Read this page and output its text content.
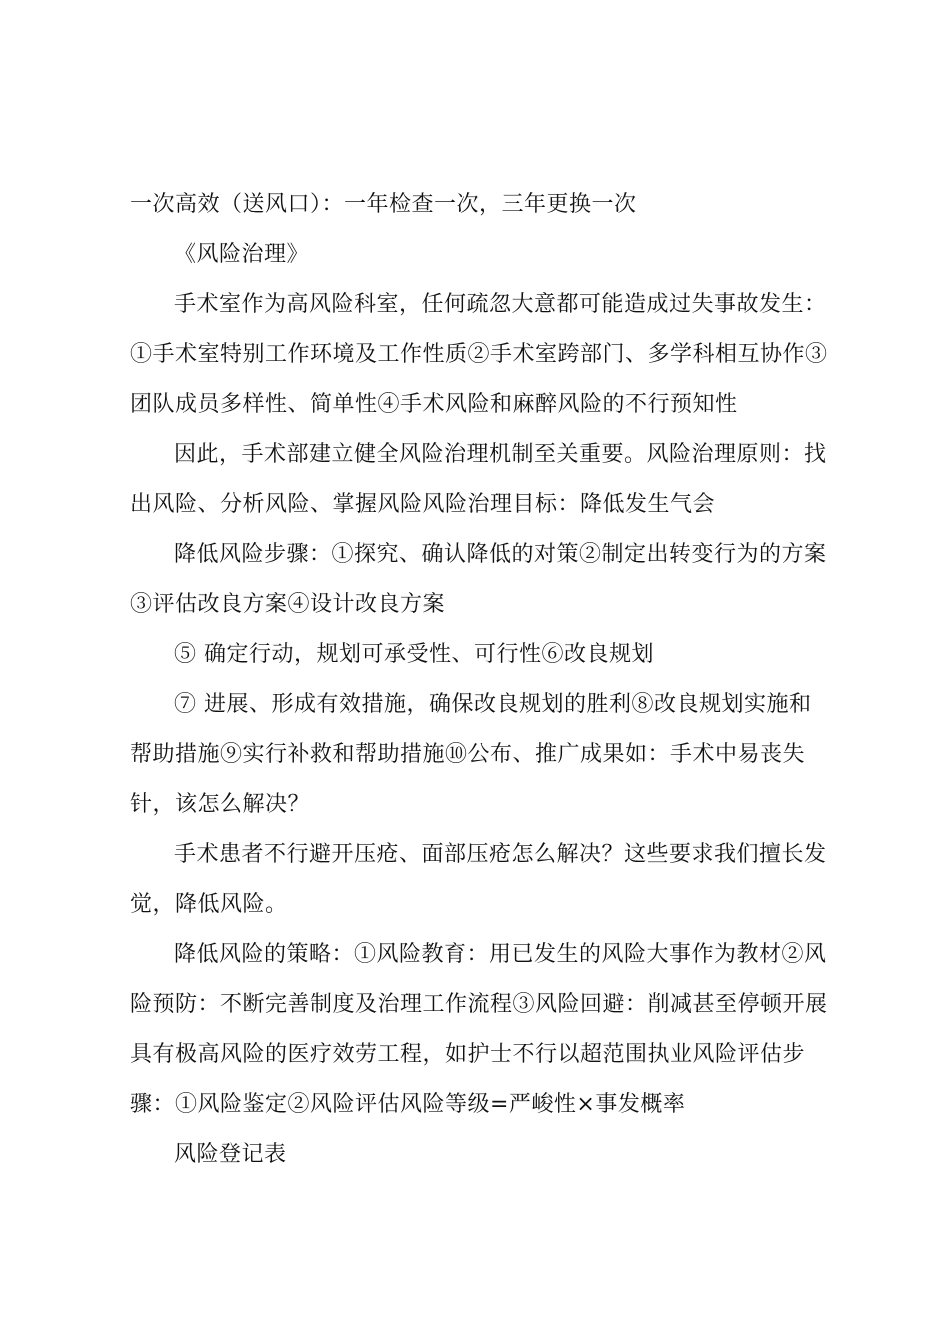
一次高效（送风口）：一年检查一次，三年更换一次

《风险治理》

手术室作为高风险科室，任何疏忽大意都可能造成过失事故发生：①手术室特别工作环境及工作性质②手术室跨部门、多学科相互协作③团队成员多样性、简单性④手术风险和麻醉风险的不行预知性

因此，手术部建立健全风险治理机制至关重要。风险治理原则：找出风险、分析风险、掌握风险风险治理目标：降低发生气会

降低风险步骤：①探究、确认降低的对策②制定出转变行为的方案③评估改良方案④设计改良方案

⑤ 确定行动，规划可承受性、可行性⑥改良规划

⑦ 进展、形成有效措施，确保改良规划的胜利⑧改良规划实施和帮助措施⑨实行补救和帮助措施⑩公布、推广成果如：手术中易丧失针，该怎么解决？

手术患者不行避开压疮、面部压疮怎么解决？这些要求我们擅长发觉，降低风险。

降低风险的策略：①风险教育：用已发生的风险大事作为教材②风险预防：不断完善制度及治理工作流程③风险回避：削减甚至停顿开展具有极高风险的医疗效劳工程，如护士不行以超范围执业风险评估步骤：①风险鉴定②风险评估风险等级=严峻性×事发概率

风险登记表
